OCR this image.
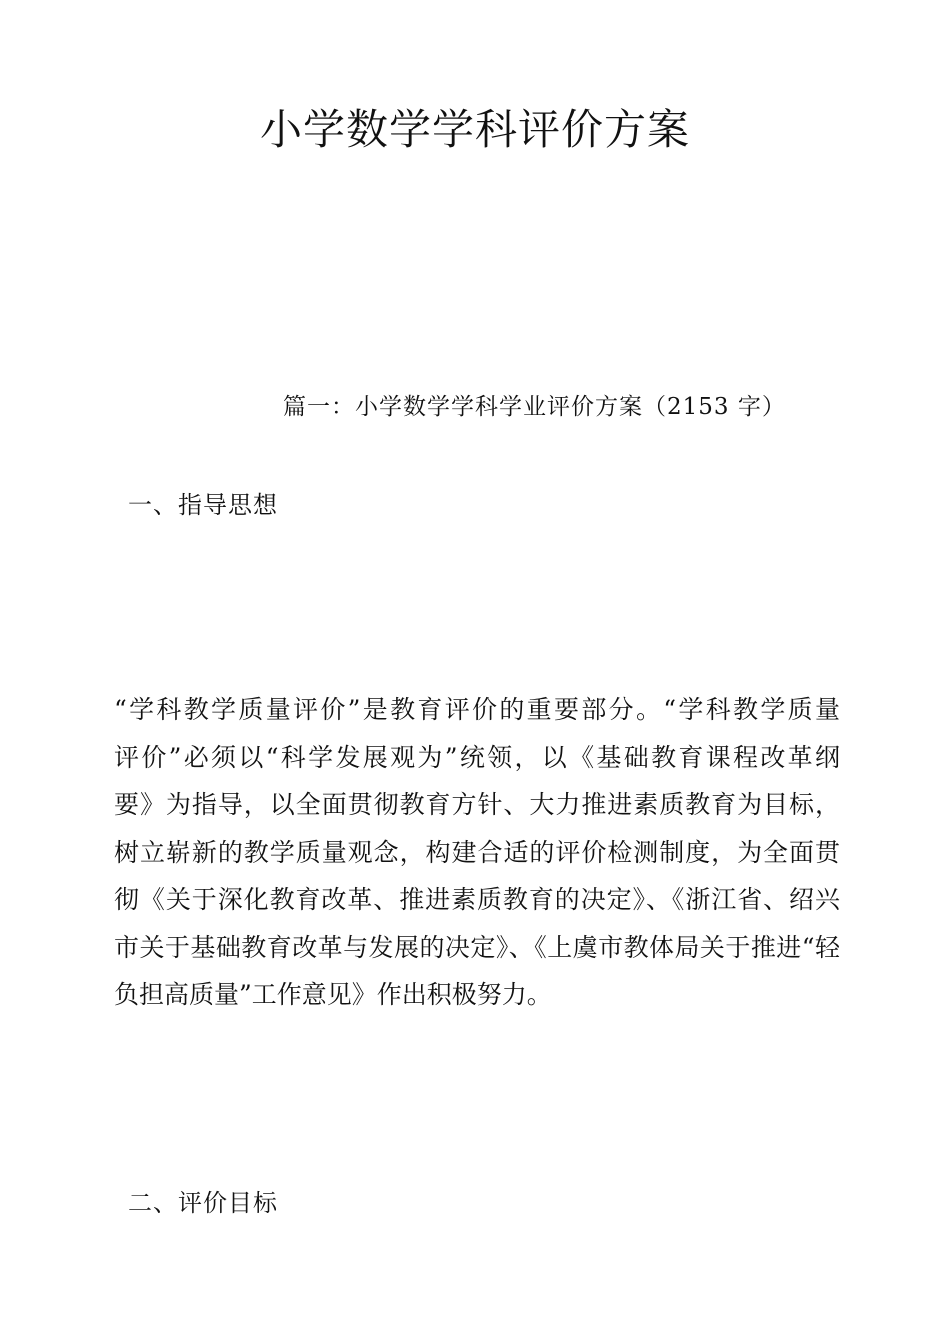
小学数学学科评价方案
篇一：小学数学学科学业评价方案（2153 字）
一、指导思想

“学科教学质量评价”是教育评价的重要部分。“学科教学质量
评价”必须以“科学发展观为”统领，以《基础教育课程改革纲
要》为指导，以全面贯彻教育方针、大力推进素质教育为目标，
树立崭新的教学质量观念，构建合适的评价检测制度，为全面贯
彻《关于深化教育改革、推进素质教育的决定》、《浙江省、绍兴
市关于基础教育改革与发展的决定》、《上虞市教体局关于推进“轻
负担高质量”工作意见》作出积极努力。

二、评价目标
